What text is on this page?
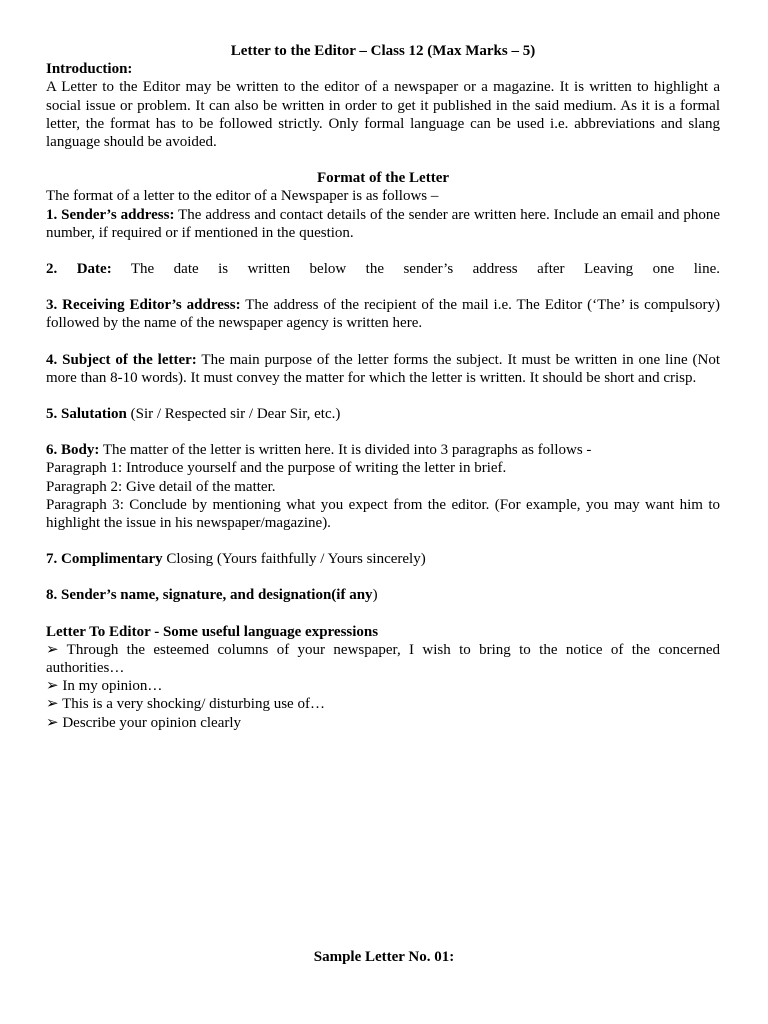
Letter to the Editor – Class 12 (Max Marks – 5)

Introduction:

A Letter to the Editor may be written to the editor of a newspaper or a magazine. It is written to highlight a social issue or problem. It can also be written in order to get it published in the said medium. As it is a formal letter, the format has to be followed strictly. Only formal language can be used i.e. abbreviations and slang language should be avoided.

Format of the Letter

The format of a letter to the editor of a Newspaper is as follows –

1. Sender’s address: The address and contact details of the sender are written here. Include an email and phone number, if required or if mentioned in the question.

2. Date: The date is written below the sender’s address after Leaving one line.

3. Receiving Editor’s address: The address of the recipient of the mail i.e. The Editor (‘The’ is compulsory) followed by the name of the newspaper agency is written here.

4. Subject of the letter: The main purpose of the letter forms the subject. It must be written in one line (Not more than 8-10 words). It must convey the matter for which the letter is written. It should be short and crisp.

5. Salutation (Sir / Respected sir / Dear Sir, etc.)

6. Body: The matter of the letter is written here. It is divided into 3 paragraphs as follows -

Paragraph 1: Introduce yourself and the purpose of writing the letter in brief.

Paragraph 2: Give detail of the matter.

Paragraph 3: Conclude by mentioning what you expect from the editor. (For example, you may want him to highlight the issue in his newspaper/magazine).

7. Complimentary Closing (Yours faithfully / Yours sincerely)

8. Sender’s name, signature, and designation(if any)

Letter To Editor - Some useful language expressions

➢ Through the esteemed columns of your newspaper, I wish to bring to the notice of the concerned authorities…

➢ In my opinion…

➢ This is a very shocking/ disturbing use of…

➢ Describe your opinion clearly

Sample Letter No. 01:
